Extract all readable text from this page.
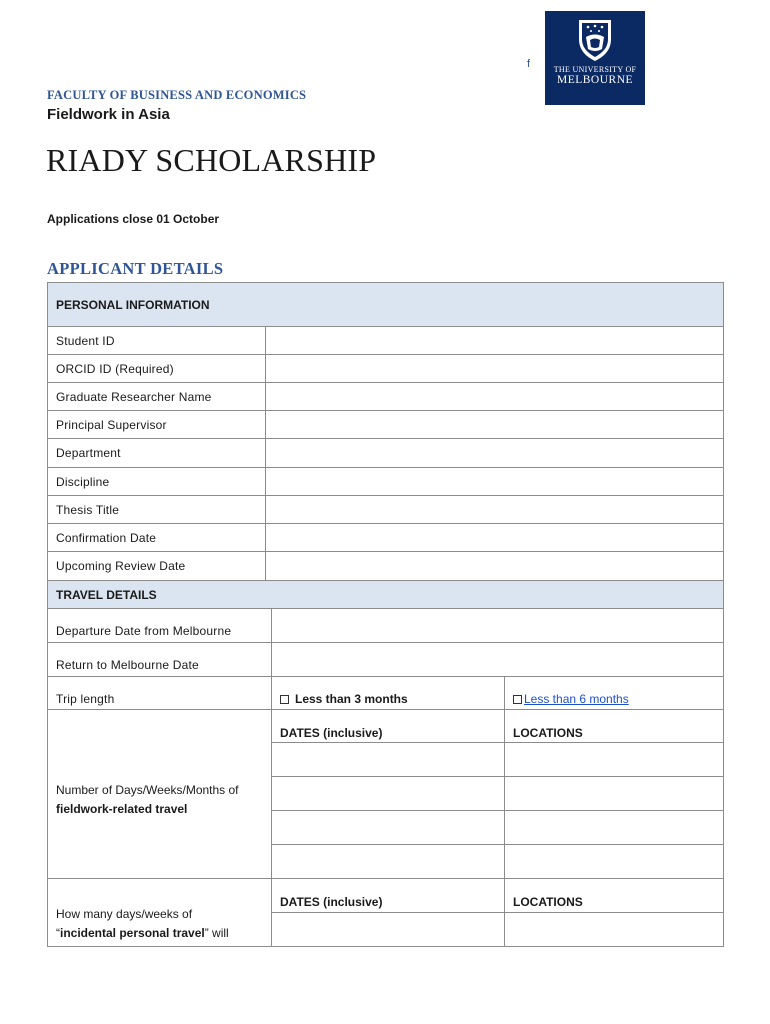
f	THE UNIVERSITY OF
MELBOURNE
FACULTY OF BUSINESS AND ECONOMICS
Fieldwork in Asia
RIADY SCHOLARSHIP
Applications close 01 October
APPLICANT DETAILS
PERSONAL INFORMATION
Student ID
ORCID ID (Required)
Graduate Researcher Name
Principal Supervisor
Department
Discipline
Thesis Title
Confirmation Date
Upcoming Review Date
TRAVEL DETAILS
Departure Date from Melbourne
Return to Melbourne Date
Trip length	Less than 3 months	Less than 6 months
Number of Days/Weeks/Months of
fieldwork-related travel
DATES (inclusive)	LOCATIONS
How many days/weeks of
“incidental personal travel” will
DATES (inclusive)	LOCATIONS
